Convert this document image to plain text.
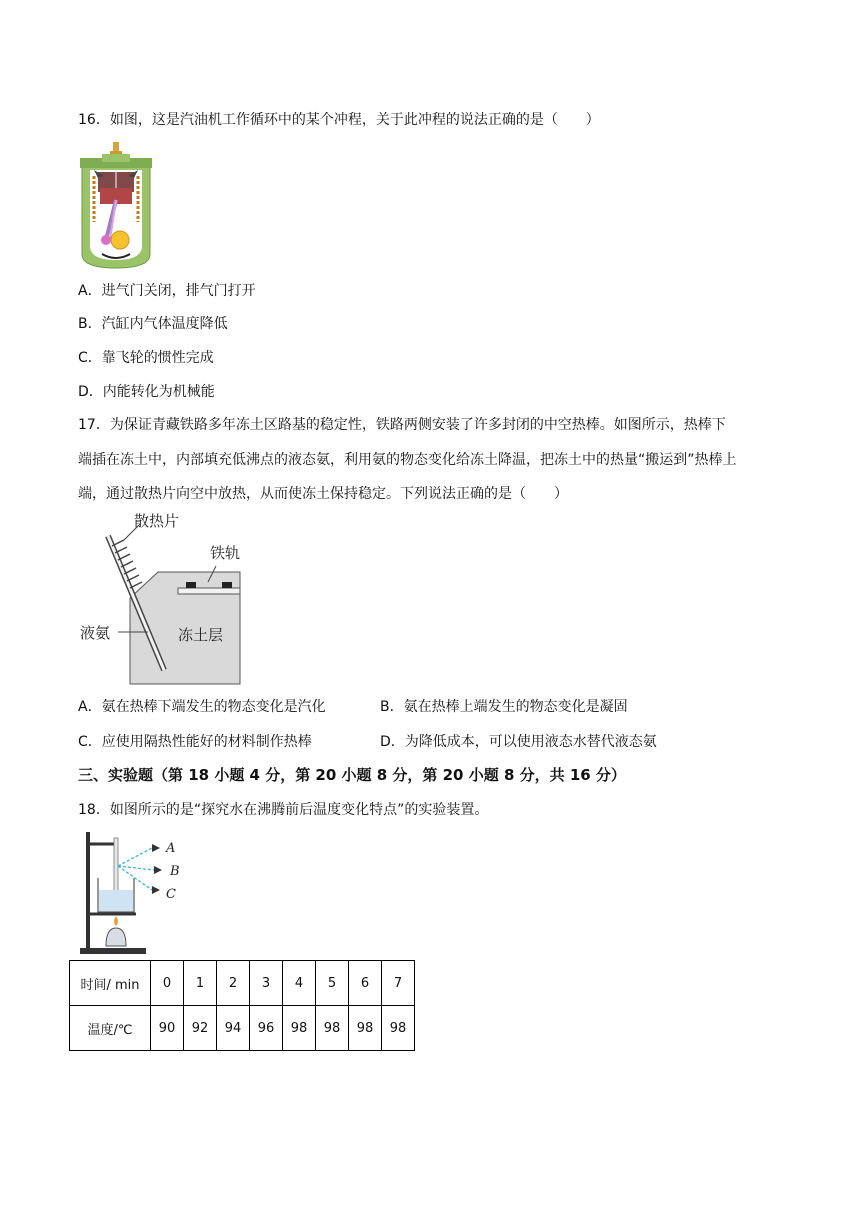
16．如图，这是汽油机工作循环中的某个冲程，关于此冲程的说法正确的是（　　）
A．进气门关闭，排气门打开
B．汽缸内气体温度降低
C．靠飞轮的惯性完成
D．内能转化为机械能
17．为保证青藏铁路多年冻土区路基的稳定性，铁路两侧安装了许多封闭的中空热棒。如图所示，热棒下
端插在冻土中，内部填充低沸点的液态氨，利用氨的物态变化给冻土降温，把冻土中的热量“搬运到”热棒上
端，通过散热片向空中放热，从而使冻土保持稳定。下列说法正确的是（　　）
散热片
铁轨
液氨	冻土层
A．氨在热棒下端发生的物态变化是汽化	B．氨在热棒上端发生的物态变化是凝固
C．应使用隔热性能好的材料制作热棒	D．为降低成本，可以使用液态水替代液态氨
三、实验题（第 18 小题 4 分，第 20 小题 8 分，第 20 小题 8 分，共 16 分）
18．如图所示的是“探究水在沸腾前后温度变化特点”的实验装置。
A
B
C
时间/ min	0	1	2	3	4	5	6	7
温度/℃	90	92	94	96	98	98	98	98
